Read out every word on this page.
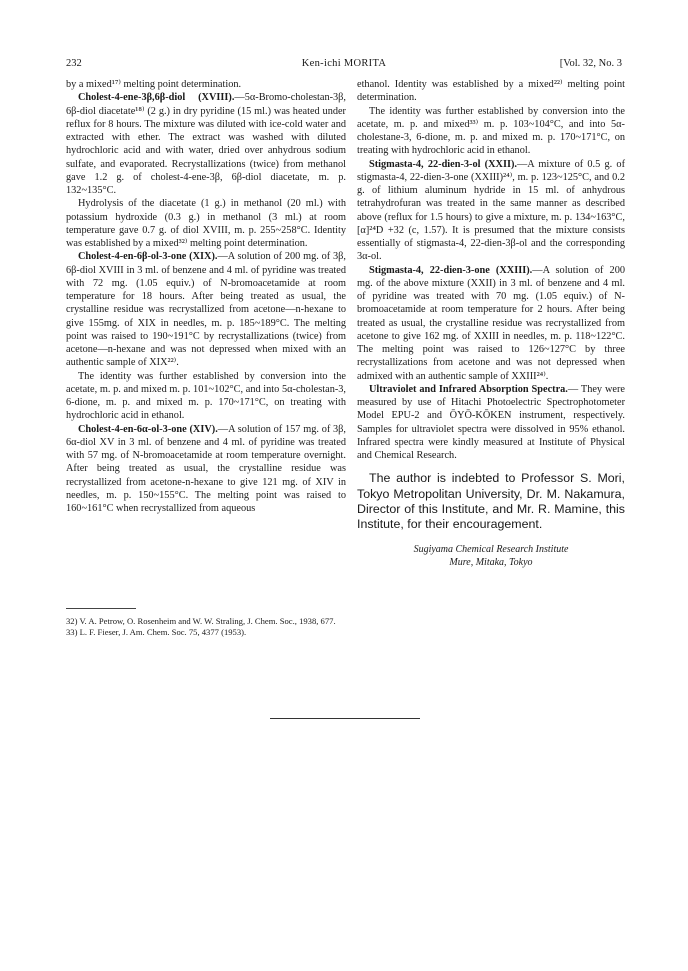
232	Ken-ichi MORITA	[Vol. 32, No. 3

by a mixed¹⁷⁾ melting point determination.

Cholest-4-ene-3β,6β-diol (XVIII).—5α-Bromo-cholestan-3β, 6β-diol diacetate¹⁸⁾ (2 g.) in dry pyridine (15 ml.) was heated under reflux for 8 hours. The mixture was diluted with ice-cold water and extracted with ether. The extract was washed with diluted hydrochloric acid and with water, dried over anhydrous sodium sulfate, and evaporated. Recrystallizations (twice) from methanol gave 1.2 g. of cholest-4-ene-3β, 6β-diol diacetate, m. p. 132~135°C.

Hydrolysis of the diacetate (1 g.) in methanol (20 ml.) with potassium hydroxide (0.3 g.) in methanol (3 ml.) at room temperature gave 0.7 g. of diol XVIII, m. p. 255~258°C. Identity was established by a mixed³²⁾ melting point determination.

Cholest-4-en-6β-ol-3-one (XIX).—A solution of 200 mg. of 3β, 6β-diol XVIII in 3 ml. of benzene and 4 ml. of pyridine was treated with 72 mg. (1.05 equiv.) of N-bromoacetamide at room temperature for 18 hours. After being treated as usual, the crystalline residue was recrystallized from acetone—n-hexane to give 155mg. of XIX in needles, m. p. 185~189°C. The melting point was raised to 190~191°C by recrystallizations (twice) from acetone—n-hexane and was not depressed when mixed with an authentic sample of XIX²²⁾.

The identity was further established by conversion into the acetate, m. p. and mixed m. p. 101~102°C, and into 5α-cholestan-3, 6-dione, m. p. and mixed m. p. 170~171°C, on treating with hydrochloric acid in ethanol.

Cholest-4-en-6α-ol-3-one (XIV).—A solution of 157 mg. of 3β, 6α-diol XV in 3 ml. of benzene and 4 ml. of pyridine was treated with 57 mg. of N-bromoacetamide at room temperature overnight. After being treated as usual, the crystalline residue was recrystallized from acetone-n-hexane to give 121 mg. of XIV in needles, m. p. 150~155°C. The melting point was raised to 160~161°C when recrystallized from aqueous

32) V. A. Petrow, O. Rosenheim and W. W. Straling, J. Chem. Soc., 1938, 677.

33) L. F. Fieser, J. Am. Chem. Soc. 75, 4377 (1953).

ethanol. Identity was established by a mixed²²⁾ melting point determination.

The identity was further established by conversion into the acetate, m. p. and mixed³³⁾ m. p. 103~104°C, and into 5α-cholestane-3, 6-dione, m. p. and mixed m. p. 170~171°C, on treating with hydrochloric acid in ethanol.

Stigmasta-4, 22-dien-3-ol (XXII).—A mixture of 0.5 g. of stigmasta-4, 22-dien-3-one (XXIII)²⁴⁾, m. p. 123~125°C, and 0.2 g. of lithium aluminum hydride in 15 ml. of anhydrous tetrahydrofuran was treated in the same manner as described above (reflux for 1.5 hours) to give a mixture, m. p. 134~163°C, [α]²⁴D +32 (c, 1.57). It is presumed that the mixture consists essentially of stigmasta-4, 22-dien-3β-ol and the corresponding 3α-ol.

Stigmasta-4, 22-dien-3-one (XXIII).—A solution of 200 mg. of the above mixture (XXII) in 3 ml. of benzene and 4 ml. of pyridine was treated with 70 mg. (1.05 equiv.) of N-bromoacetamide at room temperature for 2 hours. After being treated as usual, the crystalline residue was recrystallized from acetone to give 162 mg. of XXIII in needles, m. p. 118~122°C. The melting point was raised to 126~127°C by three recrystallizations from acetone and was not depressed when admixed with an authentic sample of XXIII²⁴⁾.

Ultraviolet and Infrared Absorption Spectra.— They were measured by use of Hitachi Photoelectric Spectrophotometer Model EPU-2 and ŌYŌ-KŌKEN instrument, respectively. Samples for ultraviolet spectra were dissolved in 95% ethanol. Infrared spectra were kindly measured at Institute of Physical and Chemical Research.

The author is indebted to Professor S. Mori, Tokyo Metropolitan University, Dr. M. Nakamura, Director of this Institute, and Mr. R. Mamine, this Institute, for their encouragement.

Sugiyama Chemical Research Institute
Mure, Mitaka, Tokyo
